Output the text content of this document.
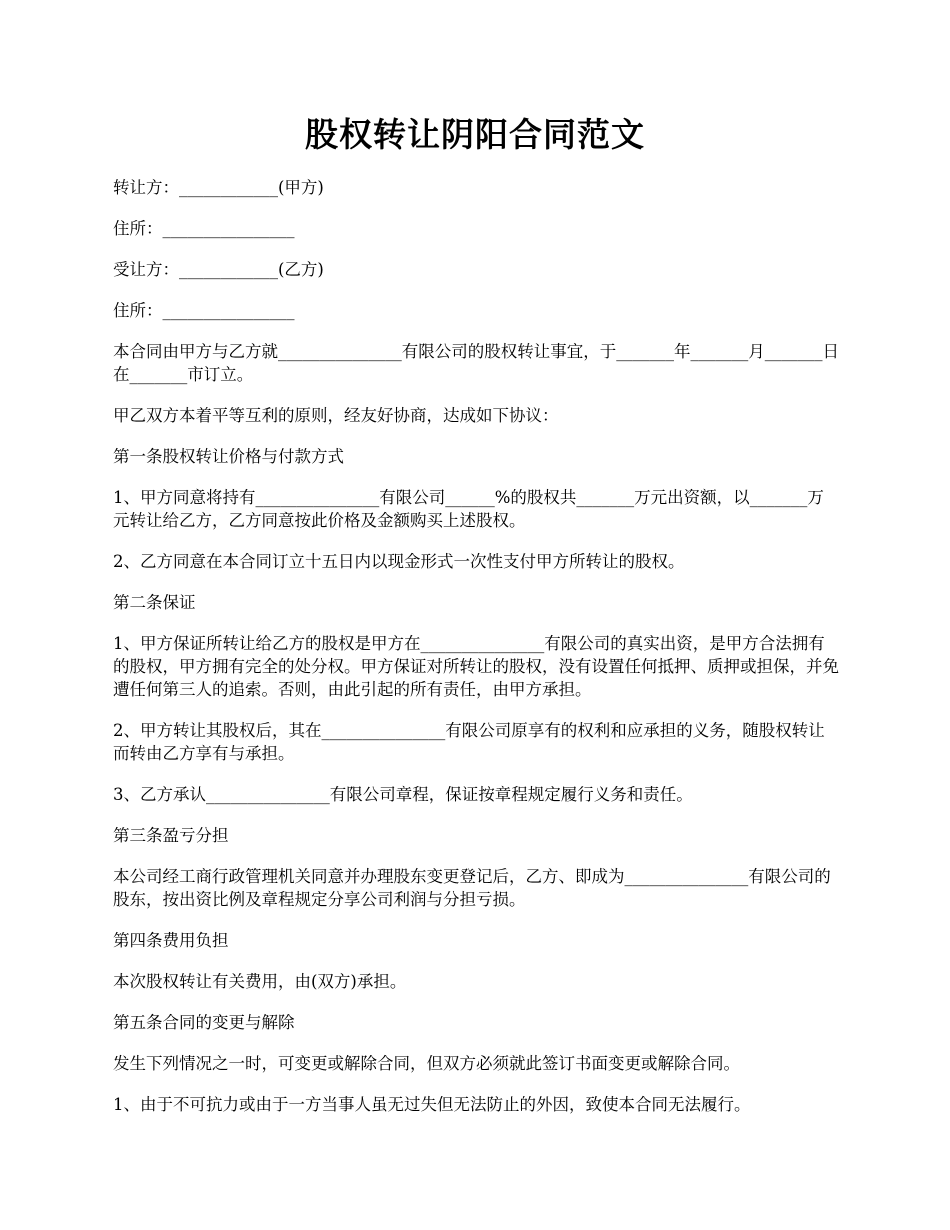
股权转让阴阳合同范文

转让方：____________(甲方)

住所：________________

受让方：____________(乙方)

住所：________________

本合同由甲方与乙方就_______________有限公司的股权转让事宜，于_______年_______月_______日在_______市订立。

甲乙双方本着平等互利的原则，经友好协商，达成如下协议：

第一条股权转让价格与付款方式

1、甲方同意将持有_______________有限公司______%的股权共_______万元出资额，以_______万元转让给乙方，乙方同意按此价格及金额购买上述股权。

2、乙方同意在本合同订立十五日内以现金形式一次性支付甲方所转让的股权。

第二条保证

1、甲方保证所转让给乙方的股权是甲方在_______________有限公司的真实出资，是甲方合法拥有的股权，甲方拥有完全的处分权。甲方保证对所转让的股权，没有设置任何抵押、质押或担保，并免遭任何第三人的追索。否则，由此引起的所有责任，由甲方承担。

2、甲方转让其股权后，其在_______________有限公司原享有的权利和应承担的义务，随股权转让而转由乙方享有与承担。

3、乙方承认_______________有限公司章程，保证按章程规定履行义务和责任。

第三条盈亏分担

本公司经工商行政管理机关同意并办理股东变更登记后，乙方、即成为_______________有限公司的股东，按出资比例及章程规定分享公司利润与分担亏损。

第四条费用负担

本次股权转让有关费用，由(双方)承担。

第五条合同的变更与解除

发生下列情况之一时，可变更或解除合同，但双方必须就此签订书面变更或解除合同。

1、由于不可抗力或由于一方当事人虽无过失但无法防止的外因，致使本合同无法履行。
